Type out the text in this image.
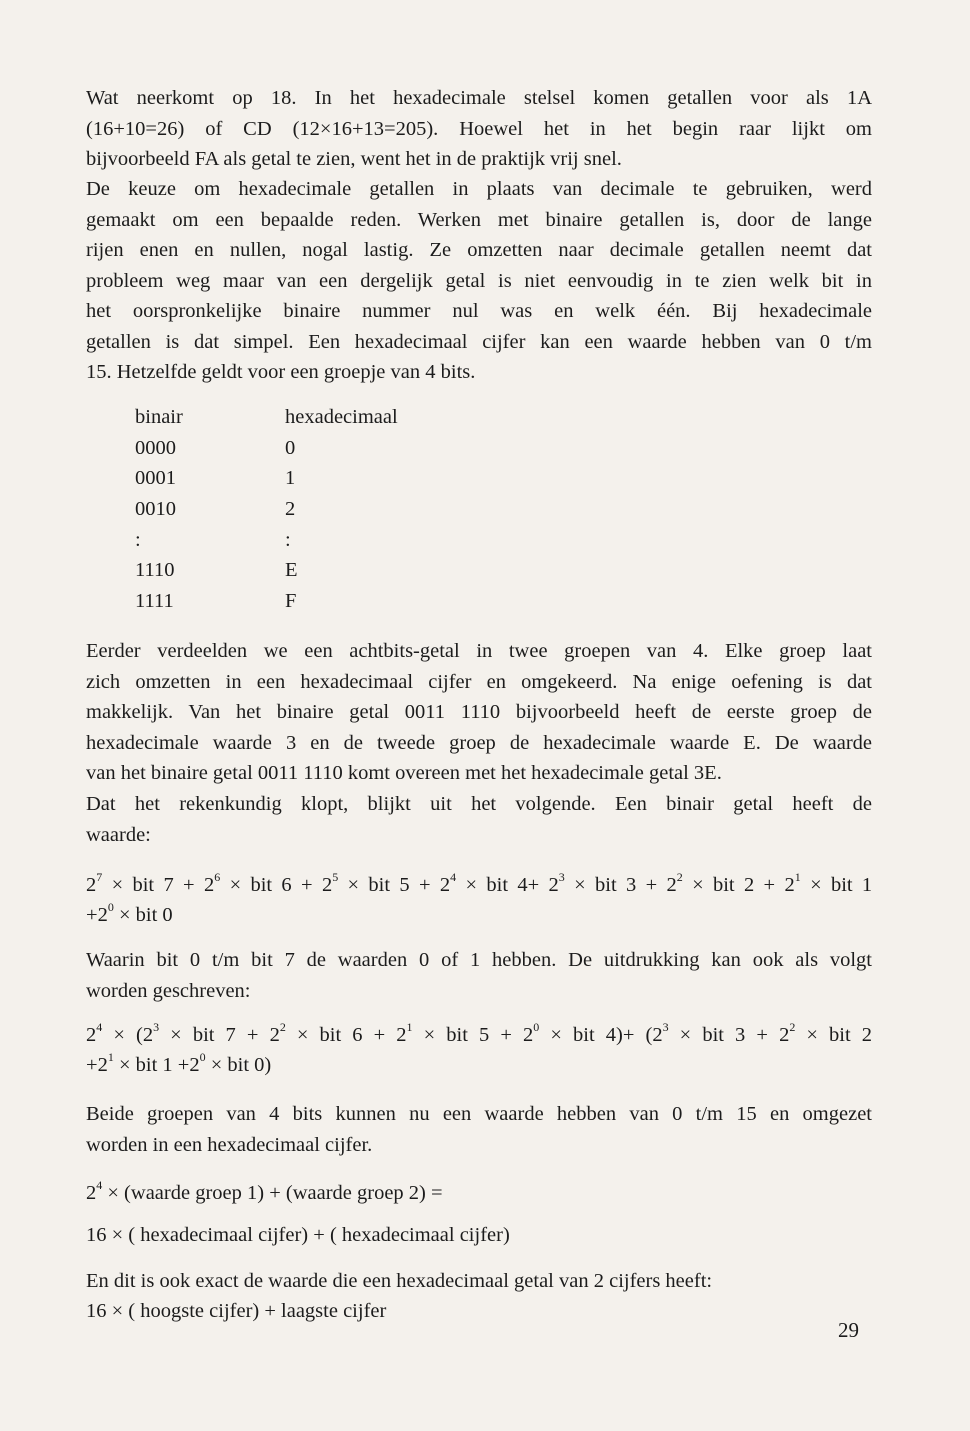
Wat neerkomt op 18. In het hexadecimale stelsel komen getallen voor als 1A
(16+10=26) of CD (12×16+13=205). Hoewel het in het begin raar lijkt om
bijvoorbeeld FA als getal te zien, went het in de praktijk vrij snel.
De keuze om hexadecimale getallen in plaats van decimale te gebruiken, werd
gemaakt om een bepaalde reden. Werken met binaire getallen is, door de lange
rijen enen en nullen, nogal lastig. Ze omzetten naar decimale getallen neemt dat
probleem weg maar van een dergelijk getal is niet eenvoudig in te zien welk bit in
het oorspronkelijke binaire nummer nul was en welk één. Bij hexadecimale
getallen is dat simpel. Een hexadecimaal cijfer kan een waarde hebben van 0 t/m
15. Hetzelfde geldt voor een groepje van 4 bits.
binair	hexadecimaal
0000	0
0001	1
0010	2
:	:
1110	E
1111	F
Eerder verdeelden we een achtbits-getal in twee groepen van 4. Elke groep laat
zich omzetten in een hexadecimaal cijfer en omgekeerd. Na enige oefening is dat
makkelijk. Van het binaire getal 0011 1110 bijvoorbeeld heeft de eerste groep de
hexadecimale waarde 3 en de tweede groep de hexadecimale waarde E. De waarde
van het binaire getal 0011 1110 komt overeen met het hexadecimale getal 3E.
Dat het rekenkundig klopt, blijkt uit het volgende. Een binair getal heeft de
waarde:
$2^7$ × bit $7 + 2^6$ × bit $6 + 2^5$ × bit $5 + 2^4$ × bit $4+ 2^3$ × bit $3 + 2^2$ × bit $2 + 2^1$ × bit 1
$+2^0$ × bit 0
Waarin bit 0 t/m bit 7 de waarden 0 of 1 hebben. De uitdrukking kan ook als volgt
worden geschreven:
$2^4 \times (2^3$ × bit $7 + 2^2$ × bit $6 + 2^1$ × bit $5 + 2^0$ × bit $4)+ (2^3$ × bit $3 + 2^2$ × bit 2
$+2^1$ × bit $1 +2^0$ × bit 0)
Beide groepen van 4 bits kunnen nu een waarde hebben van 0 t/m 15 en omgezet
worden in een hexadecimaal cijfer.
$2^4$ × (waarde groep 1) + (waarde groep 2) =
16 × ( hexadecimaal cijfer) + ( hexadecimaal cijfer)
En dit is ook exact de waarde die een hexadecimaal getal van 2 cijfers heeft:
16 × ( hoogste cijfer) + laagste cijfer
29
